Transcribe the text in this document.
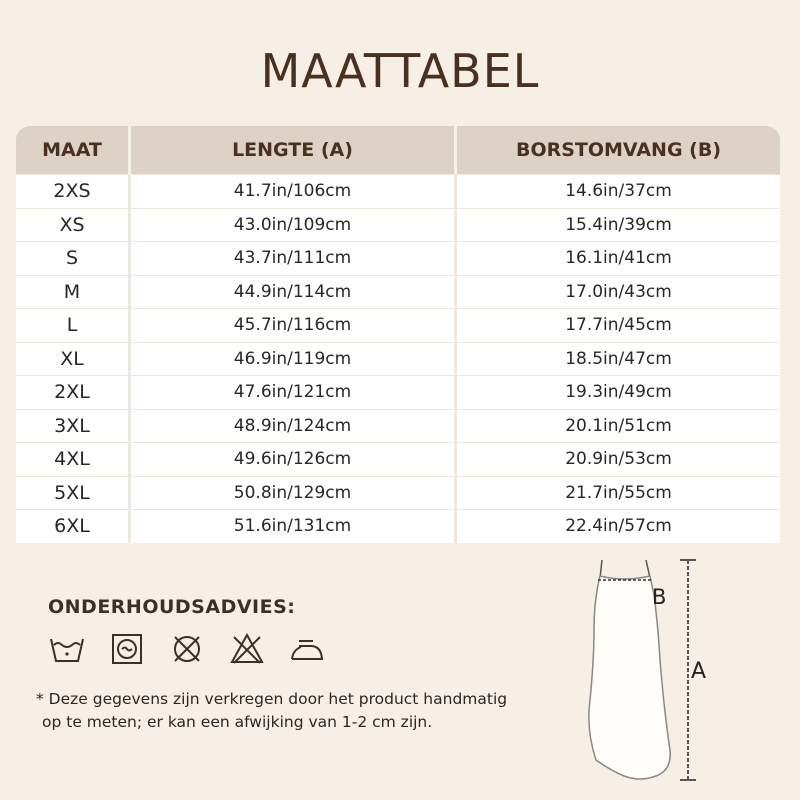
MAATTABEL
MAAT	LENGTE (A)	BORSTOMVANG (B)
2XS	41.7in/106cm	14.6in/37cm
XS	43.0in/109cm	15.4in/39cm
S	43.7in/111cm	16.1in/41cm
M	44.9in/114cm	17.0in/43cm
L	45.7in/116cm	17.7in/45cm
XL	46.9in/119cm	18.5in/47cm
2XL	47.6in/121cm	19.3in/49cm
3XL	48.9in/124cm	20.1in/51cm
4XL	49.6in/126cm	20.9in/53cm
5XL	50.8in/129cm	21.7in/55cm
6XL	51.6in/131cm	22.4in/57cm
ONDERHOUDSADVIES:
* Deze gegevens zijn verkregen door het product handmatig
op te meten; er kan een afwijking van 1-2 cm zijn.
B
A
